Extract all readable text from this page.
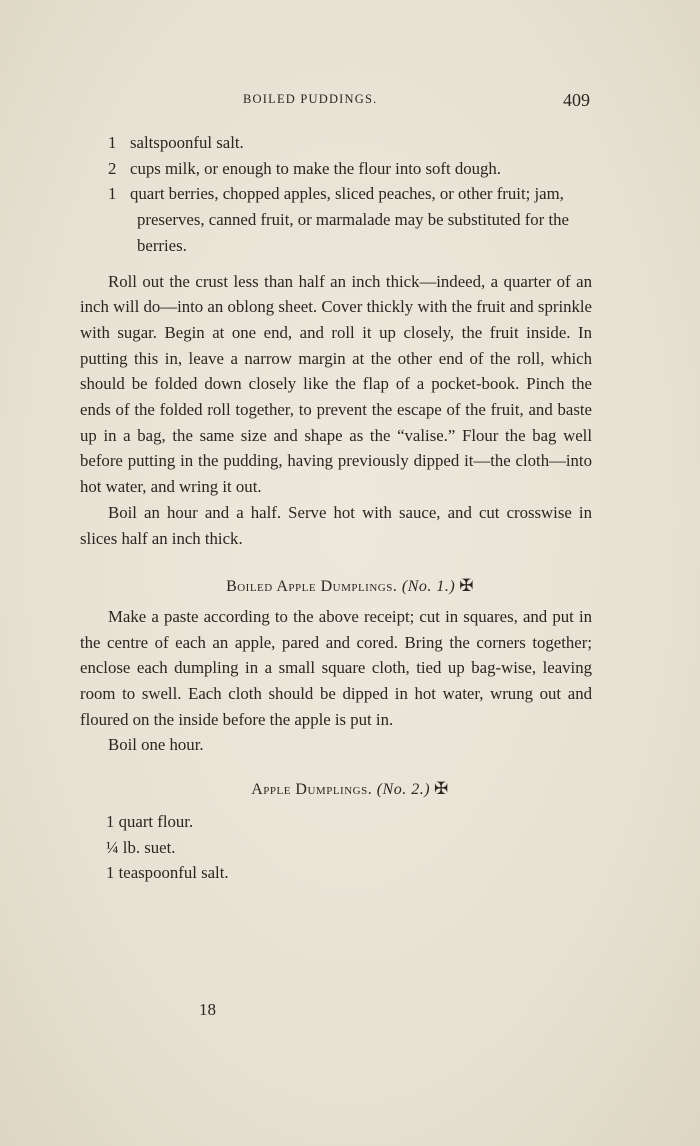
BOILED PUDDINGS.	409

1 saltspoonful salt.

2 cups milk, or enough to make the flour into soft dough.

1 quart berries, chopped apples, sliced peaches, or other fruit; jam, preserves, canned fruit, or marmalade may be substituted for the berries.

Roll out the crust less than half an inch thick—indeed, a quarter of an inch will do—into an oblong sheet. Cover thickly with the fruit and sprinkle with sugar. Begin at one end, and roll it up closely, the fruit inside. In putting this in, leave a narrow margin at the other end of the roll, which should be folded down closely like the flap of a pocket-book. Pinch the ends of the folded roll together, to prevent the escape of the fruit, and baste up in a bag, the same size and shape as the “valise.” Flour the bag well before putting in the pudding, having previously dipped it—the cloth—into hot water, and wring it out.

Boil an hour and a half. Serve hot with sauce, and cut crosswise in slices half an inch thick.

Boiled Apple Dumplings. (No. 1.) ✠

Make a paste according to the above receipt; cut in squares, and put in the centre of each an apple, pared and cored. Bring the corners together; enclose each dumpling in a small square cloth, tied up bag-wise, leaving room to swell. Each cloth should be dipped in hot water, wrung out and floured on the inside before the apple is put in.

Boil one hour.

Apple Dumplings. (No. 2.) ✠

1 quart flour.

¼ lb. suet.

1 teaspoonful salt.

18
